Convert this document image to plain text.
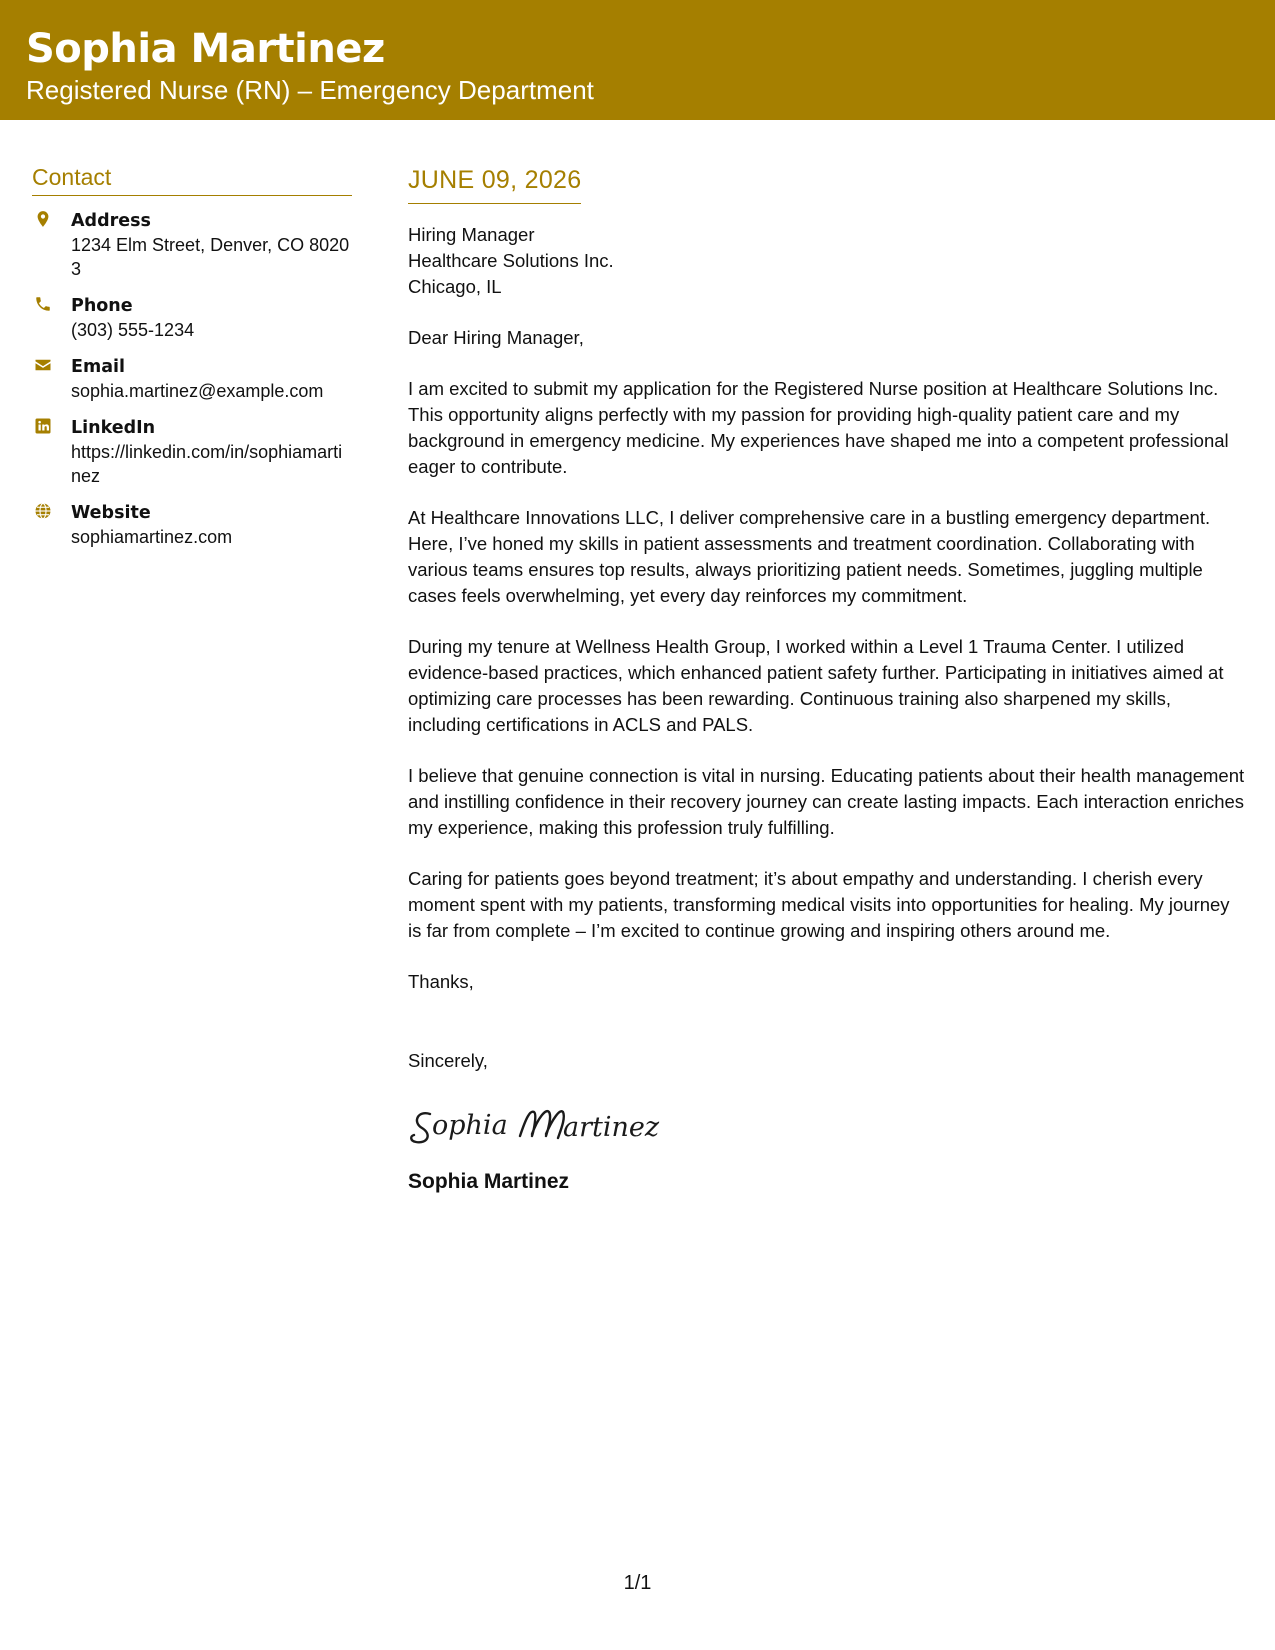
Sophia Martinez
Registered Nurse (RN) – Emergency Department
Contact
Address
1234 Elm Street, Denver, CO 80203
Phone
(303) 555-1234
Email
sophia.martinez@example.com
LinkedIn
https://linkedin.com/in/sophiamartinez
Website
sophiamartinez.com
JUNE 09, 2026
Hiring Manager
Healthcare Solutions Inc.
Chicago, IL
Dear Hiring Manager,

I am excited to submit my application for the Registered Nurse position at Healthcare Solutions Inc. This opportunity aligns perfectly with my passion for providing high-quality patient care and my background in emergency medicine. My experiences have shaped me into a competent professional eager to contribute.

At Healthcare Innovations LLC, I deliver comprehensive care in a bustling emergency department. Here, I’ve honed my skills in patient assessments and treatment coordination. Collaborating with various teams ensures top results, always prioritizing patient needs. Sometimes, juggling multiple cases feels overwhelming, yet every day reinforces my commitment.

During my tenure at Wellness Health Group, I worked within a Level 1 Trauma Center. I utilized evidence-based practices, which enhanced patient safety further. Participating in initiatives aimed at optimizing care processes has been rewarding. Continuous training also sharpened my skills, including certifications in ACLS and PALS.

I believe that genuine connection is vital in nursing. Educating patients about their health management and instilling confidence in their recovery journey can create lasting impacts. Each interaction enriches my experience, making this profession truly fulfilling.

Caring for patients goes beyond treatment; it’s about empathy and understanding. I cherish every moment spent with my patients, transforming medical visits into opportunities for healing. My journey is far from complete – I’m excited to continue growing and inspiring others around me.

Thanks,
Sincerely,
ophia artinez
Sophia Martinez
1/1
